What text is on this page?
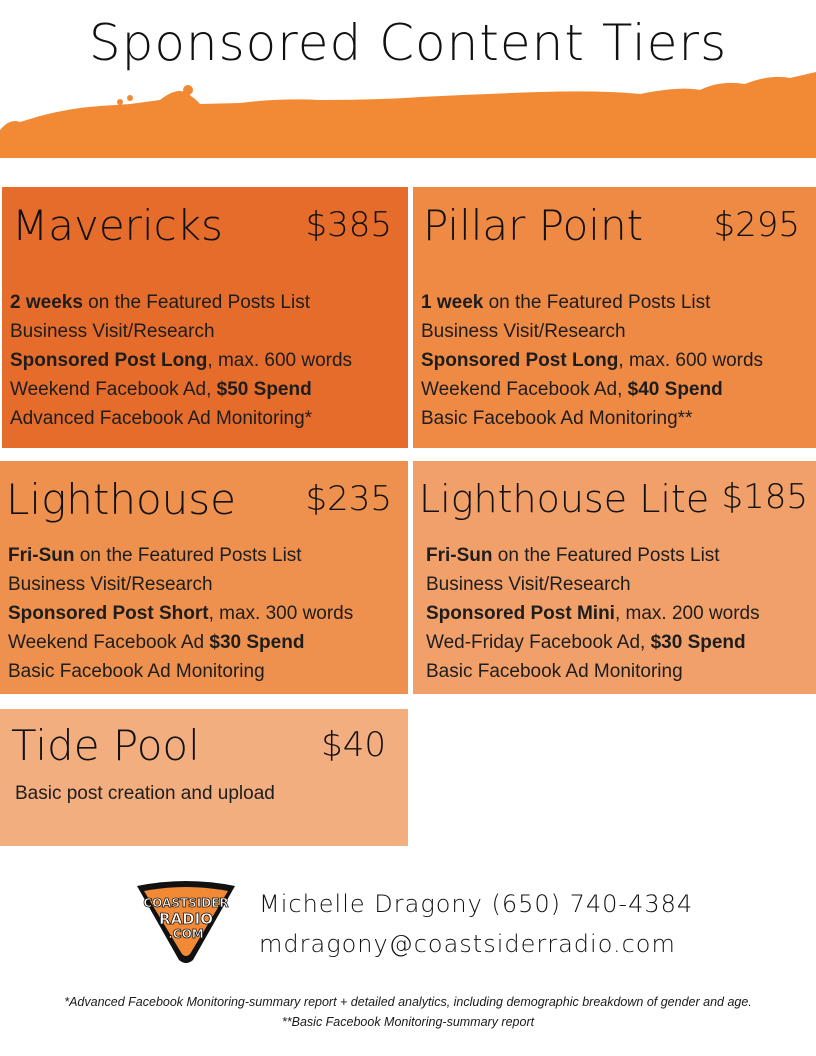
Sponsored Content Tiers
Mavericks $385
2 weeks on the Featured Posts List
Business Visit/Research
Sponsored Post Long, max. 600 words
Weekend Facebook Ad, $50 Spend
Advanced Facebook Ad Monitoring*
Pillar Point $295
1 week on the Featured Posts List
Business Visit/Research
Sponsored Post Long, max. 600 words
Weekend Facebook Ad, $40 Spend
Basic Facebook Ad Monitoring**
Lighthouse $235
Fri-Sun on the Featured Posts List
Business Visit/Research
Sponsored Post Short, max. 300 words
Weekend Facebook Ad $30 Spend
Basic Facebook Ad Monitoring
Lighthouse Lite $185
Fri-Sun on the Featured Posts List
Business Visit/Research
Sponsored Post Mini, max. 200 words
Wed-Friday Facebook Ad, $30 Spend
Basic Facebook Ad Monitoring
Tide Pool	$40
Basic post creation and upload
COASTSIDER
RADIO
.COM
Michelle Dragony (650) 740-4384
mdragony@coastsiderradio.com
*Advanced Facebook Monitoring-summary report + detailed analytics, including demographic breakdown of gender and age.
**Basic Facebook Monitoring-summary report
